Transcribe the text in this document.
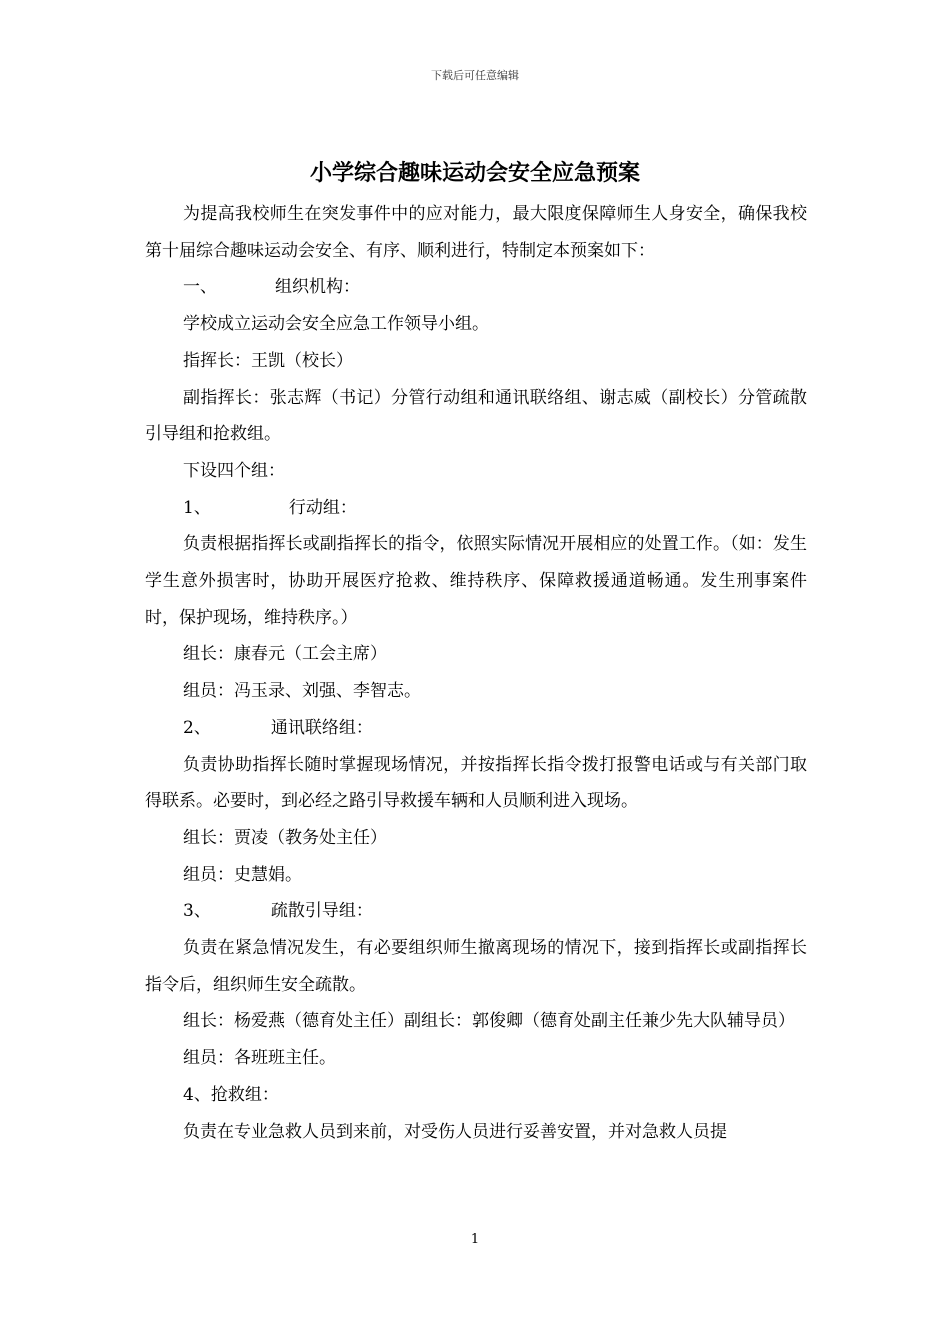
下载后可任意编辑
小学综合趣味运动会安全应急预案

为提高我校师生在突发事件中的应对能力，最大限度保障师生人身安全，确保我校第十届综合趣味运动会安全、有序、顺利进行，特制定本预案如下：

一、	组织机构：

学校成立运动会安全应急工作领导小组。

指挥长：王凯（校长）

副指挥长：张志辉（书记）分管行动组和通讯联络组、谢志威（副校长）分管疏散引导组和抢救组。

下设四个组：

1、	行动组：

负责根据指挥长或副指挥长的指令，依照实际情况开展相应的处置工作。（如：发生学生意外损害时，协助开展医疗抢救、维持秩序、保障救援通道畅通。发生刑事案件时，保护现场，维持秩序。）

组长：康春元（工会主席）

组员：冯玉录、刘强、李智志。

2、	通讯联络组：

负责协助指挥长随时掌握现场情况，并按指挥长指令拨打报警电话或与有关部门取得联系。必要时，到必经之路引导救援车辆和人员顺利进入现场。

组长：贾凌（教务处主任）

组员：史慧娟。

3、	疏散引导组：

负责在紧急情况发生，有必要组织师生撤离现场的情况下，接到指挥长或副指挥长指令后，组织师生安全疏散。

组长：杨爱燕（德育处主任）副组长：郭俊卿（德育处副主任兼少先大队辅导员）

组员：各班班主任。

4、抢救组：

负责在专业急救人员到来前，对受伤人员进行妥善安置，并对急救人员提

1
